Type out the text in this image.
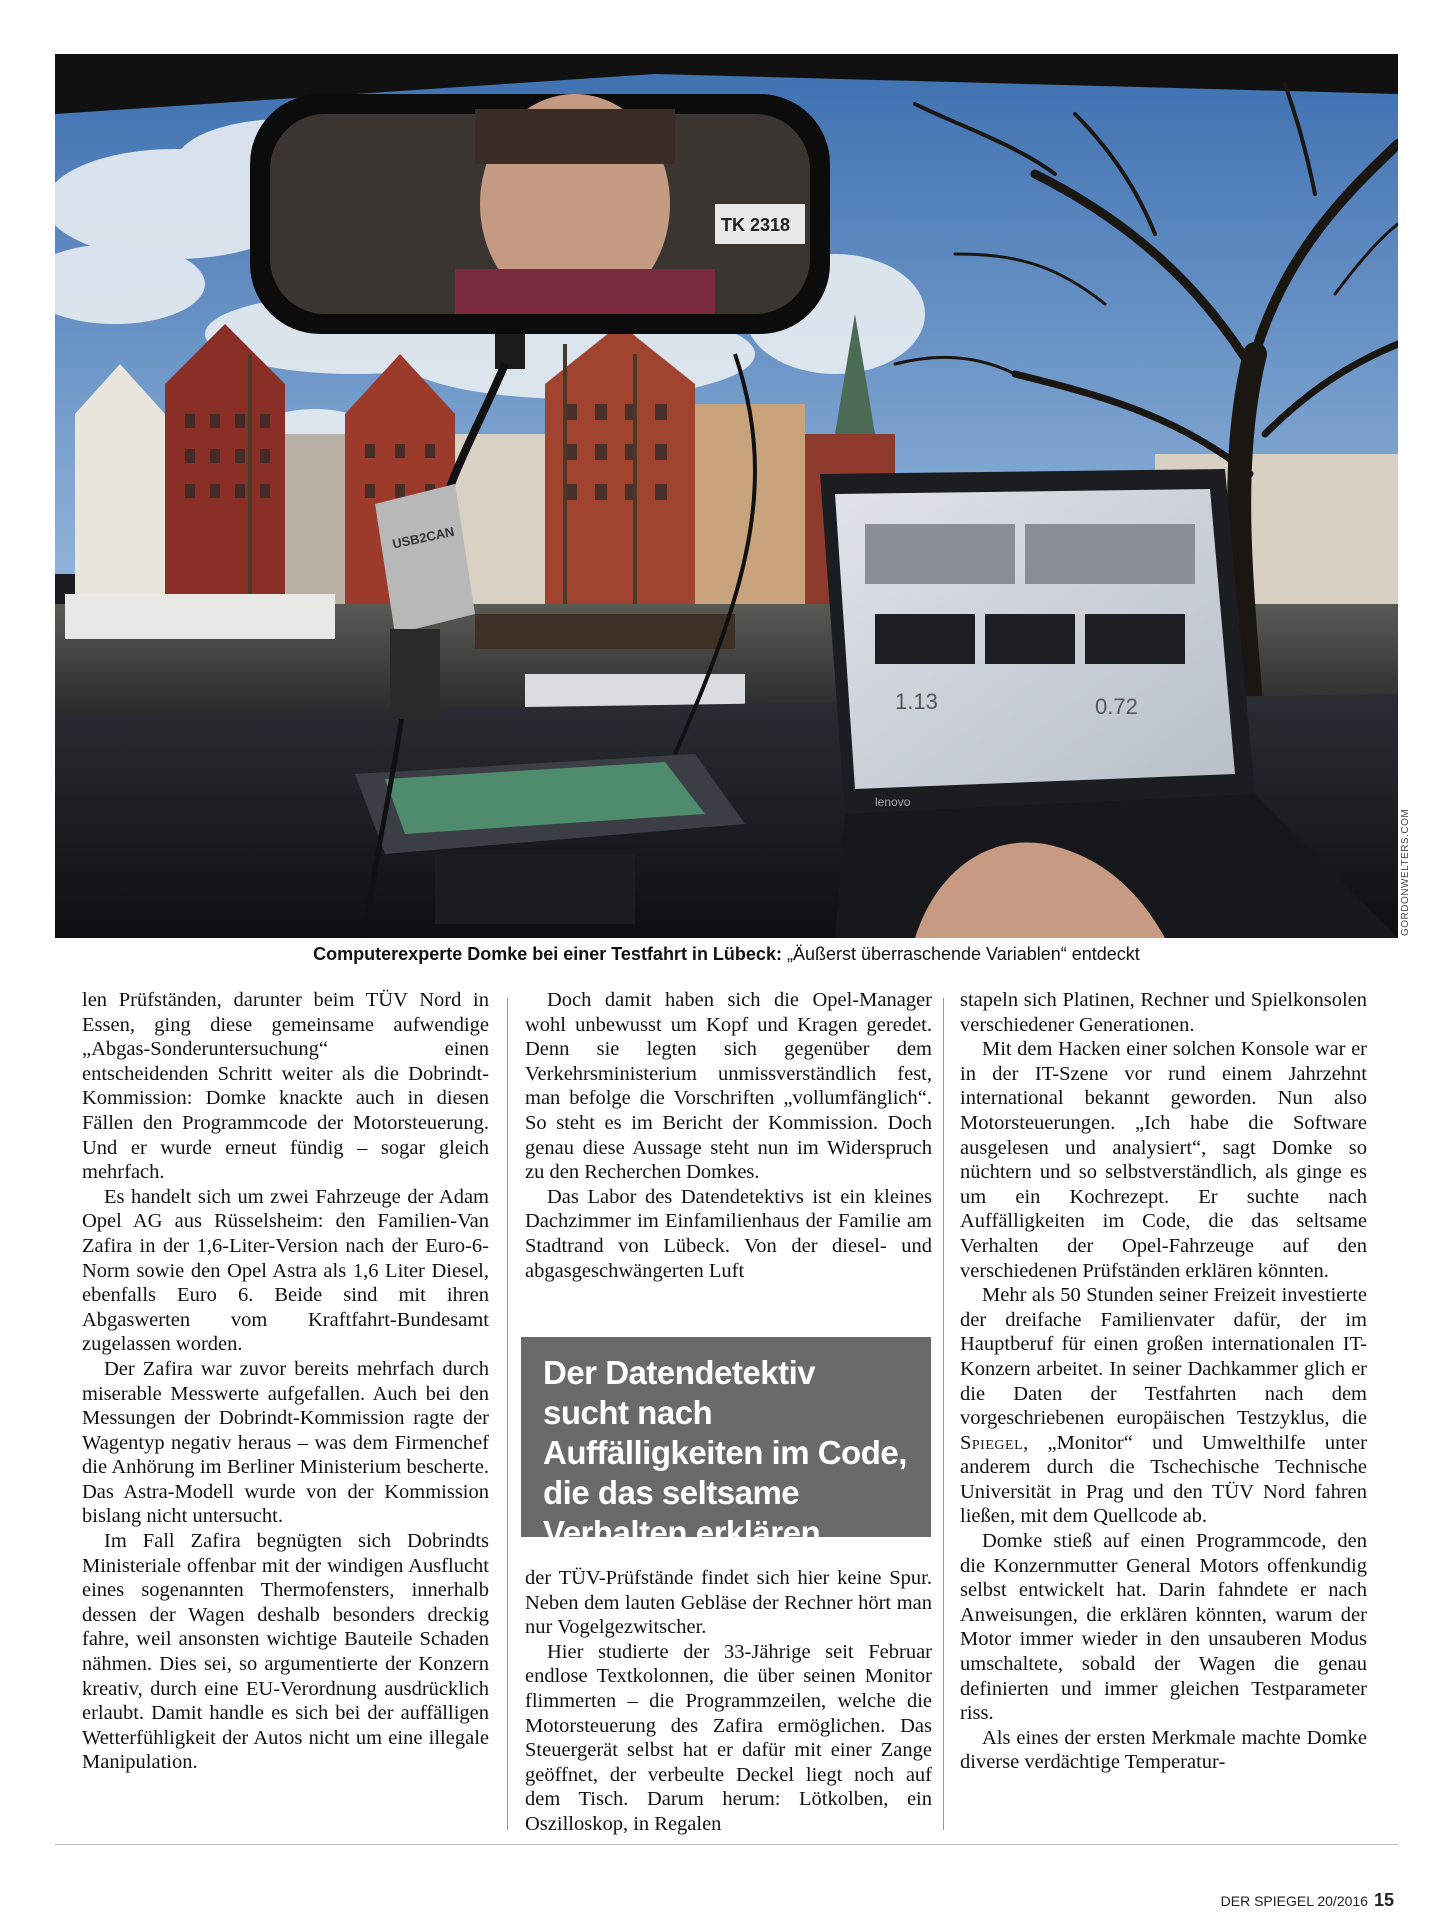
USB2CAN
TK 2318
1.13	0.72
lenovo
GORDONWELTERS.COM
Computerexperte Domke bei einer Testfahrt in Lübeck: „Äußerst überraschende Variablen“ entdeckt

len Prüfständen, darunter beim TÜV Nord in Essen, ging diese gemeinsame aufwendige „Abgas-Sonderuntersuchung“ einen entscheidenden Schritt weiter als die Dobrindt-Kommission: Domke knackte auch in diesen Fällen den Programmcode der Motorsteuerung. Und er wurde erneut fündig – sogar gleich mehrfach.

Es handelt sich um zwei Fahrzeuge der Adam Opel AG aus Rüsselsheim: den Familien-Van Zafira in der 1,6-Liter-Version nach der Euro-6-Norm sowie den Opel Astra als 1,6 Liter Diesel, ebenfalls Euro 6. Beide sind mit ihren Abgaswerten vom Kraftfahrt-Bundesamt zugelassen worden.

Der Zafira war zuvor bereits mehrfach durch miserable Messwerte aufgefallen. Auch bei den Messungen der Dobrindt-Kommission ragte der Wagentyp negativ heraus – was dem Firmenchef die Anhörung im Berliner Ministerium bescherte. Das Astra-Modell wurde von der Kommission bislang nicht untersucht.

Im Fall Zafira begnügten sich Dobrindts Ministeriale offenbar mit der windigen Ausflucht eines sogenannten Thermofensters, innerhalb dessen der Wagen deshalb besonders dreckig fahre, weil ansonsten wichtige Bauteile Schaden nähmen. Dies sei, so argumentierte der Konzern kreativ, durch eine EU-Verordnung ausdrücklich erlaubt. Damit handle es sich bei der auffälligen Wetterfühligkeit der Autos nicht um eine illegale Manipulation.

Doch damit haben sich die Opel-Manager wohl unbewusst um Kopf und Kragen geredet. Denn sie legten sich gegenüber dem Verkehrsministerium unmissverständlich fest, man befolge die Vorschriften „vollumfänglich“. So steht es im Bericht der Kommission. Doch genau diese Aussage steht nun im Widerspruch zu den Recherchen Domkes.

Das Labor des Datendetektivs ist ein kleines Dachzimmer im Einfamilienhaus der Familie am Stadtrand von Lübeck. Von der diesel- und abgasgeschwängerten Luft

Der Datendetektiv sucht nach Auffälligkeiten im Code, die das seltsame Verhalten erklären.

der TÜV-Prüfstände findet sich hier keine Spur. Neben dem lauten Gebläse der Rechner hört man nur Vogelgezwitscher.

Hier studierte der 33-Jährige seit Februar endlose Textkolonnen, die über seinen Monitor flimmerten – die Programmzeilen, welche die Motorsteuerung des Zafira ermöglichen. Das Steuergerät selbst hat er dafür mit einer Zange geöffnet, der verbeulte Deckel liegt noch auf dem Tisch. Darum herum: Lötkolben, ein Oszilloskop, in Regalen

stapeln sich Platinen, Rechner und Spielkonsolen verschiedener Generationen.

Mit dem Hacken einer solchen Konsole war er in der IT-Szene vor rund einem Jahrzehnt international bekannt geworden. Nun also Motorsteuerungen. „Ich habe die Software ausgelesen und analysiert“, sagt Domke so nüchtern und so selbstverständlich, als ginge es um ein Kochrezept. Er suchte nach Auffälligkeiten im Code, die das seltsame Verhalten der Opel-Fahrzeuge auf den verschiedenen Prüfständen erklären könnten.

Mehr als 50 Stunden seiner Freizeit investierte der dreifache Familienvater dafür, der im Hauptberuf für einen großen internationalen IT-Konzern arbeitet. In seiner Dachkammer glich er die Daten der Testfahrten nach dem vorgeschriebenen europäischen Testzyklus, die Spiegel, „Monitor“ und Umwelthilfe unter anderem durch die Tschechische Technische Universität in Prag und den TÜV Nord fahren ließen, mit dem Quellcode ab.

Domke stieß auf einen Programmcode, den die Konzernmutter General Motors offenkundig selbst entwickelt hat. Darin fahndete er nach Anweisungen, die erklären könnten, warum der Motor immer wieder in den unsauberen Modus umschaltete, sobald der Wagen die genau definierten und immer gleichen Testparameter riss.

Als eines der ersten Merkmale machte Domke diverse verdächtige Temperatur-

DER SPIEGEL 20/2016 15
